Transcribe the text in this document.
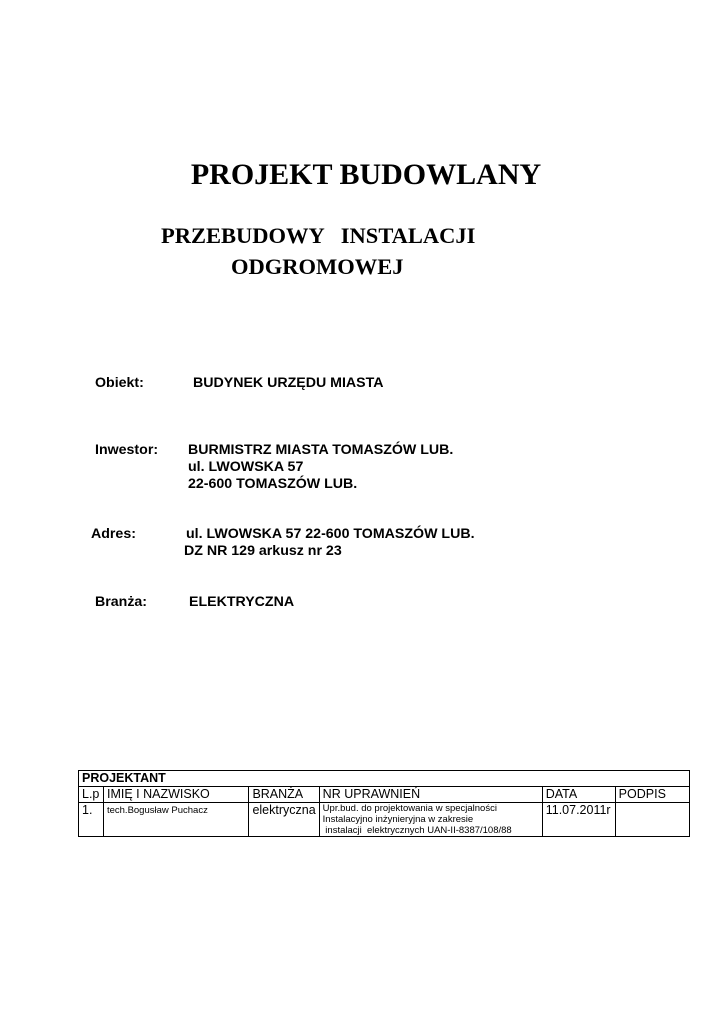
PROJEKT BUDOWLANY
PRZEBUDOWY   INSTALACJI
ODGROMOWEJ
Obiekt:	BUDYNEK URZĘDU MIASTA
Inwestor: BURMISTRZ MIASTA TOMASZÓW LUB.
ul. LWOWSKA 57
22-600 TOMASZÓW LUB.
Adres:	ul. LWOWSKA 57 22-600 TOMASZÓW LUB.
DZ NR 129 arkusz nr 23
Branża:	ELEKTRYCZNA
PROJEKTANT					
L.p	IMIĘ I NAZWISKO	BRANŻA	NR UPRAWNIEŃ	DATA	PODPIS
1.	tech.Bogusław Puchacz	elektryczna	Upr.bud. do projektowania w specjalności
Instalacyjno inżynieryjna w zakresie
instalacji  elektrycznych UAN-II-8387/108/88	11.07.2011r	
